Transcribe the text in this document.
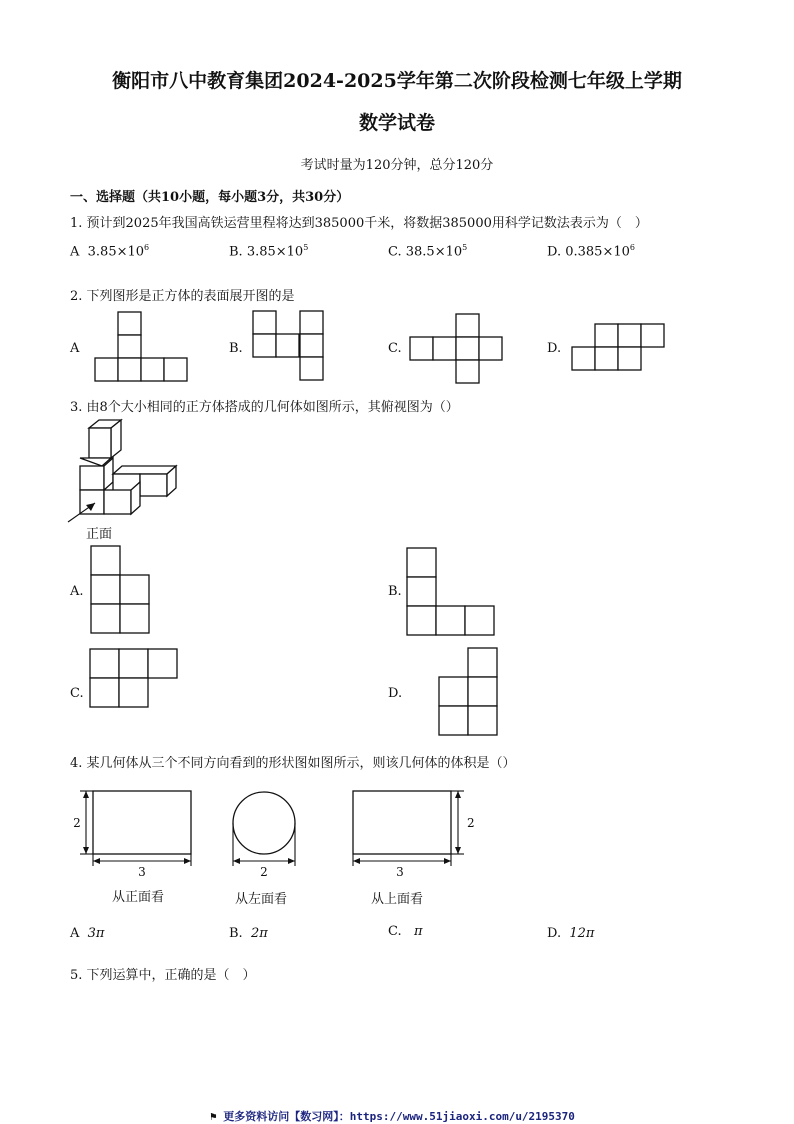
衡阳市八中教育集团2024-2025学年第二次阶段检测七年级上学期
数学试卷
考试时量为120分钟，总分120分
一、选择题（共10小题，每小题3分，共30分）
1. 预计到2025年我国高铁运营里程将达到385000千米，将数据385000用科学记数法表示为（　）
A $3.85\times 10^6$	B. $3.85\times 10^5$	C. $38.5\times 10^5$	D. $0.385\times 10^6$
2. 下列图形是正方体的表面展开图的是
A	B.	C.	D.
3. 由8个大小相同的正方体搭成的几何体如图所示，其俯视图为（）
正面
A.	B.
C.	D.
4. 某几何体从三个不同方向看到的形状图如图所示，则该几何体的体积是（）
2
3	2
2
3
从正面看	从左面看	从上面看
A 3π	B. 2π	C. π	D. 12π
5. 下列运算中，正确的是（　）
⚑ 更多资料访问【数习网】：https://www.51jiaoxi.com/u/2195370
